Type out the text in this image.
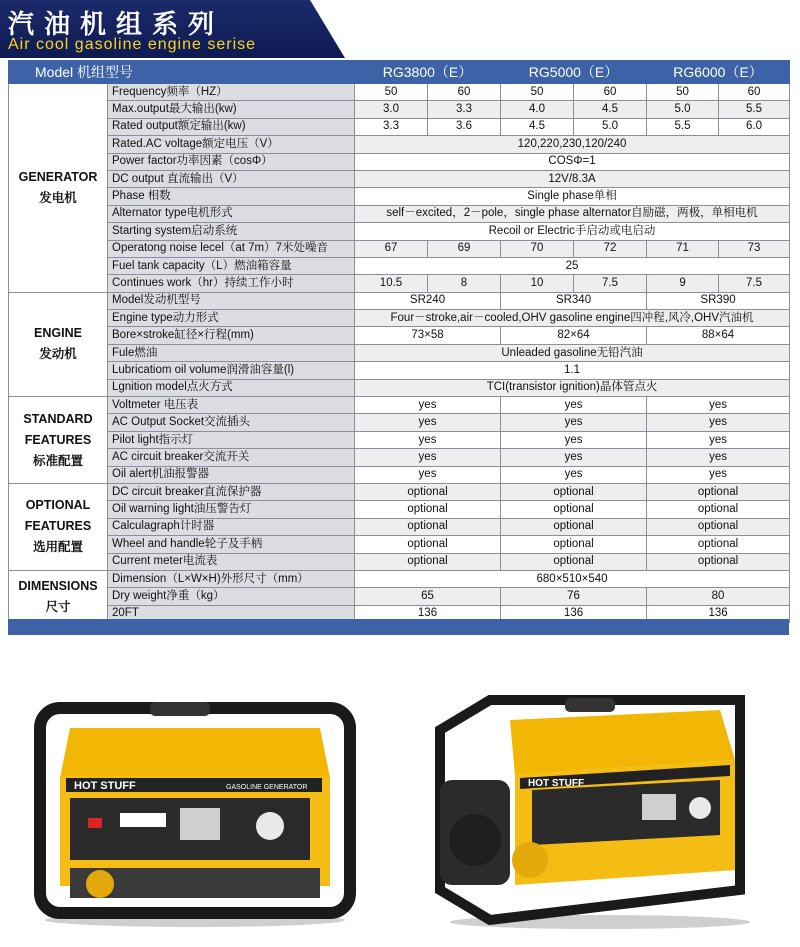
汽油机组系列
Air cool gasoline engine serise
Model 机组型号		RG3800（E）		RG5000（E）		RG6000（E）	

GENERATOR
发电机	Frequency频率（HZ）	50	60	50	60	50	60
	Max.output最大输出(kw)	3.0	3.3	4.0	4.5	5.0	5.5
	Rated output额定输出(kw)	3.3	3.6	4.5	5.0	5.5	6.0
	Rated.AC voltage额定电压（V）	120,220,230,120/240					
	Power factor功率因素（cosΦ）	COSΦ=1					
	DC output 直流输出（V）	12V/8.3A					
	Phase 相数	Single phase单相					
	Alternator type电机形式	self－excited，2－pole，single phase alternator自励磁，两极，单相电机					
	Starting system启动系统	Recoil or Electric手启动或电启动					
	Operatong noise lecel（at 7m）7米处噪音	67	69	70	72	71	73
	Fuel tank capacity（L）燃油箱容量	25					
	Continues work（hr）持续工作小时	10.5	8	10	7.5	9	7.5

ENGINE
发动机	Model发动机型号	SR240		SR340		SR390	
	Engine type动力形式	Four－stroke,air－cooled,OHV gasoline engine四冲程,风冷,OHV汽油机					
	Bore×stroke缸径×行程(mm)	73×58		82×64		88×64	
	Fule燃油	Unleaded gasoline无铅汽油					
	Lubricatiom oil volume润滑油容量(l)	1.1					
	Lgnition model点火方式	TCI(transistor ignition)晶体管点火					

STANDARD
FEATURES
标准配置	Voltmeter 电压表	yes		yes		yes	
	AC Output Socket交流插头	yes		yes		yes	
	Pilot light指示灯	yes		yes		yes	
	AC circuit breaker交流开关	yes		yes		yes	
	Oil alert机油报警器	yes		yes		yes	

OPTIONAL
FEATURES
选用配置	DC circuit breaker直流保护器	optional		optional		optional	
	Oil warning light油压警告灯	optional		optional		optional	
	Calculagraph计时器	optional		optional		optional	
	Wheel and handle轮子及手柄	optional		optional		optional	
	Current meter电流表	optional		optional		optional	

DIMENSIONS
尺寸	Dimension（L×W×H)外形尺寸（mm）	680×510×540					
	Dry weight净重（kg）	65		76		80	
	20FT	136		136		136	
HOT STUFF	GASOLINE GENERATOR	HOT STUFF
